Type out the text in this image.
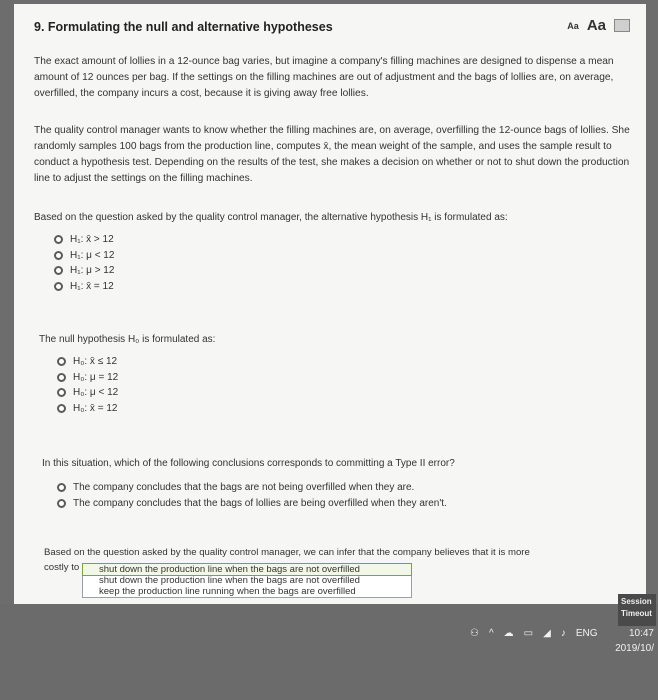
9. Formulating the null and alternative hypotheses	Aa Aa

The exact amount of lollies in a 12-ounce bag varies, but imagine a company's filling machines are designed to dispense a mean amount of 12 ounces per bag. If the settings on the filling machines are out of adjustment and the bags of lollies are, on average, overfilled, the company incurs a cost, because it is giving away free lollies.

The quality control manager wants to know whether the filling machines are, on average, overfilling the 12-ounce bags of lollies. She randomly samples 100 bags from the production line, computes x̄, the mean weight of the sample, and uses the sample result to conduct a hypothesis test. Depending on the results of the test, she makes a decision on whether or not to shut down the production line to adjust the settings on the filling machines.

Based on the question asked by the quality control manager, the alternative hypothesis H₁ is formulated as:
H₁: x̄ > 12
H₁: μ < 12
H₁: μ > 12
H₁: x̄ = 12
The null hypothesis H₀ is formulated as:
H₀: x̄ ≤ 12
H₀: μ = 12
H₀: μ < 12
H₀: x̄ = 12
In this situation, which of the following conclusions corresponds to committing a Type II error?
The company concludes that the bags are not being overfilled when they are.
The company concludes that the bags of lollies are being overfilled when they aren't.
Based on the question asked by the quality control manager, we can infer that the company believes that it is more
costly to	shut down the production line when the bags are not overfilled
shut down the production line when the bags are not overfilled
keep the production line running when the bags are overfilled
Session
Timeout
⚇ ^ ☁ ▭ ◢ ♪ ENG	10:47
2019/10/
